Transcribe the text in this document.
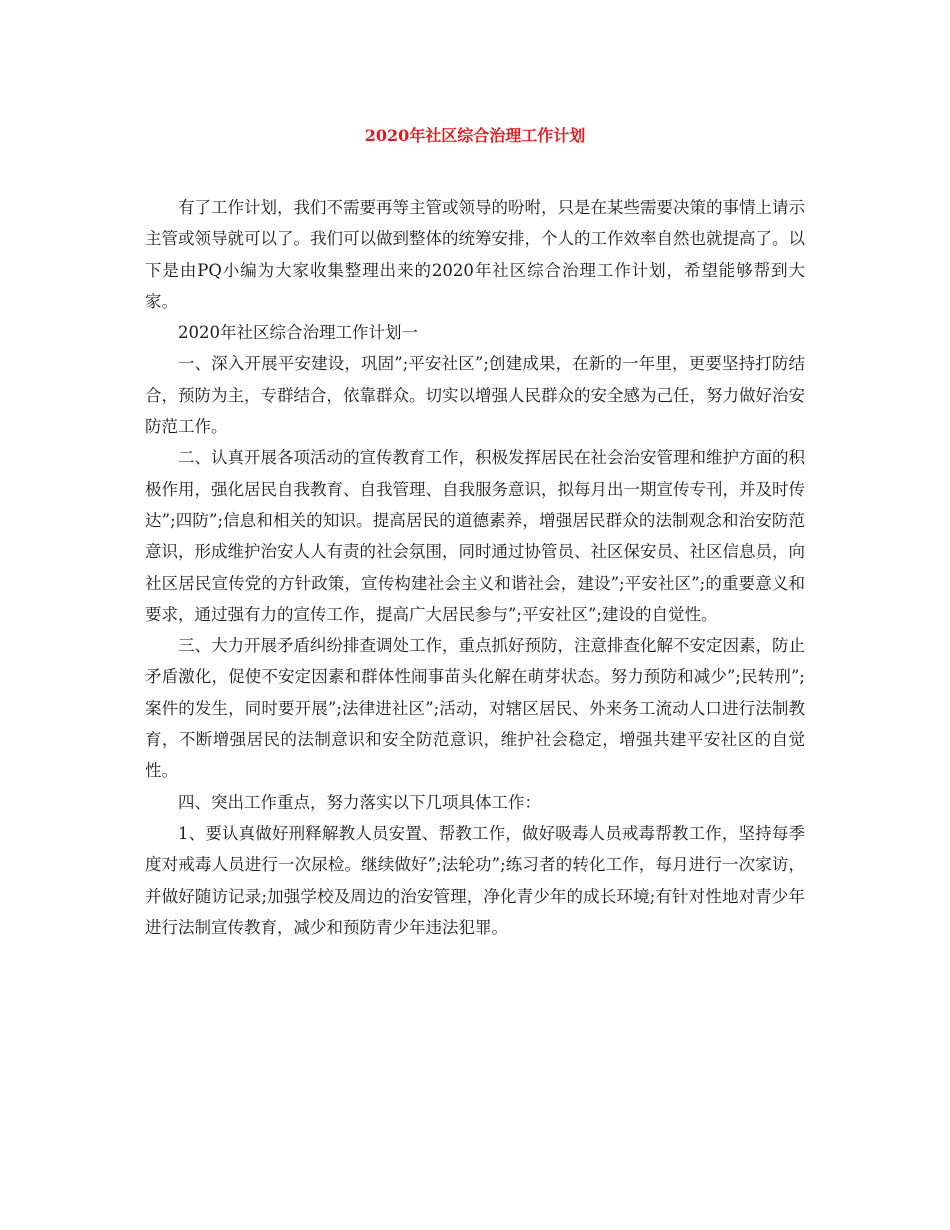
2020年社区综合治理工作计划

有了工作计划，我们不需要再等主管或领导的吩咐，只是在某些需要决策的事情上请示主管或领导就可以了。我们可以做到整体的统筹安排，个人的工作效率自然也就提高了。以下是由PQ小编为大家收集整理出来的2020年社区综合治理工作计划，希望能够帮到大家。

2020年社区综合治理工作计划一

一、深入开展平安建设，巩固”;平安社区”;创建成果，在新的一年里，更要坚持打防结合，预防为主，专群结合，依靠群众。切实以增强人民群众的安全感为己任，努力做好治安防范工作。

二、认真开展各项活动的宣传教育工作，积极发挥居民在社会治安管理和维护方面的积极作用，强化居民自我教育、自我管理、自我服务意识，拟每月出一期宣传专刊，并及时传达”;四防”;信息和相关的知识。提高居民的道德素养，增强居民群众的法制观念和治安防范意识，形成维护治安人人有责的社会氛围，同时通过协管员、社区保安员、社区信息员，向社区居民宣传党的方针政策，宣传构建社会主义和谐社会，建设”;平安社区”;的重要意义和要求，通过强有力的宣传工作，提高广大居民参与”;平安社区”;建设的自觉性。

三、大力开展矛盾纠纷排查调处工作，重点抓好预防，注意排查化解不安定因素，防止矛盾激化，促使不安定因素和群体性闹事苗头化解在萌芽状态。努力预防和减少”;民转刑”;案件的发生，同时要开展”;法律进社区”;活动，对辖区居民、外来务工流动人口进行法制教育，不断增强居民的法制意识和安全防范意识，维护社会稳定，增强共建平安社区的自觉性。

四、突出工作重点，努力落实以下几项具体工作：

1、要认真做好刑释解教人员安置、帮教工作，做好吸毒人员戒毒帮教工作，坚持每季度对戒毒人员进行一次尿检。继续做好”;法轮功”;练习者的转化工作，每月进行一次家访，并做好随访记录;加强学校及周边的治安管理，净化青少年的成长环境;有针对性地对青少年进行法制宣传教育，减少和预防青少年违法犯罪。
